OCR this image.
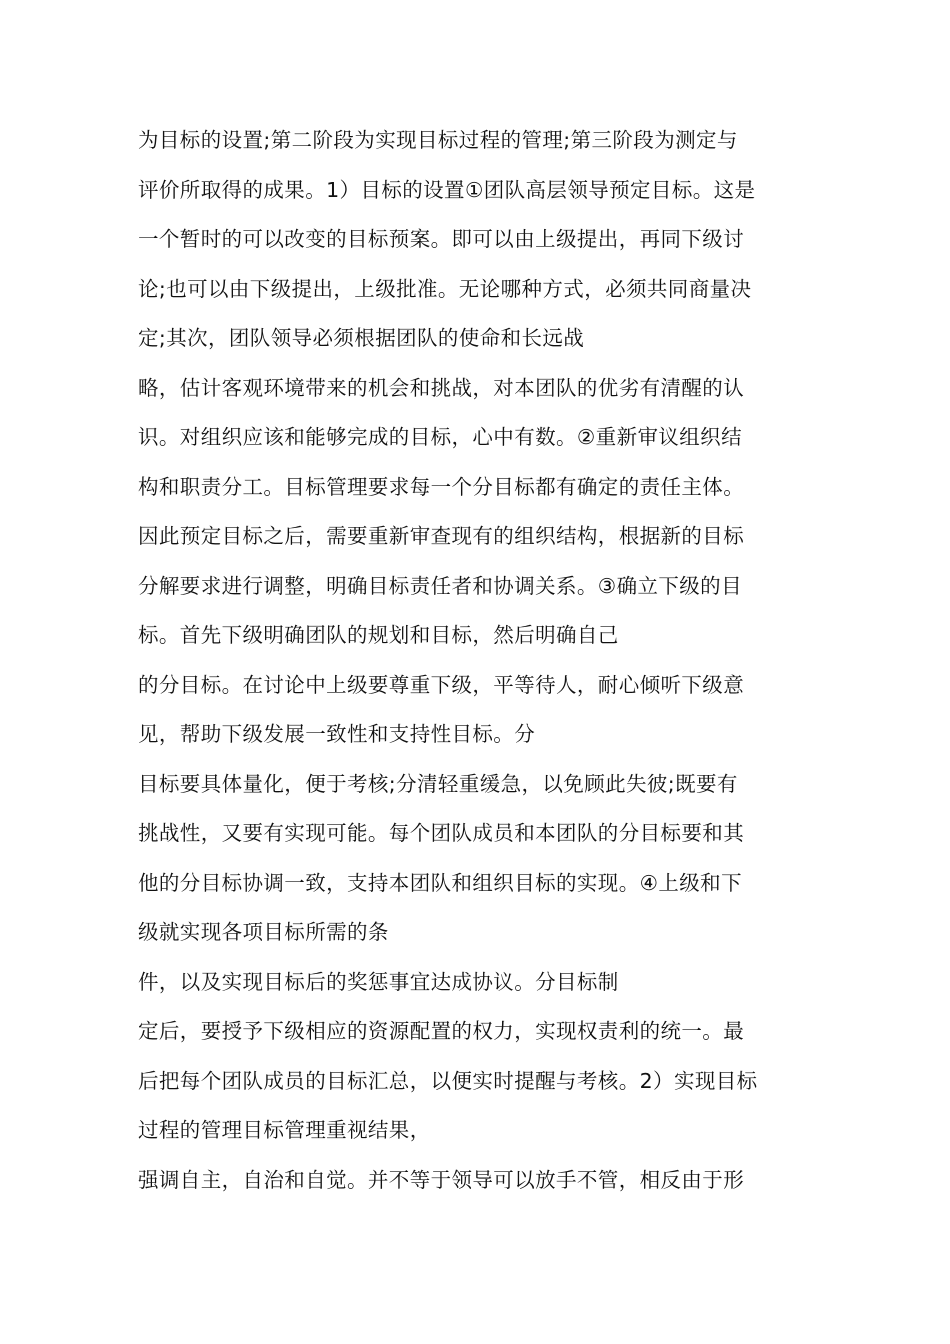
为目标的设置;第二阶段为实现目标过程的管理;第三阶段为测定与
评价所取得的成果。1）目标的设置①团队高层领导预定目标。这是
一个暂时的可以改变的目标预案。即可以由上级提出，再同下级讨
论;也可以由下级提出，上级批准。无论哪种方式，必须共同商量决
定;其次，团队领导必须根据团队的使命和长远战
略，估计客观环境带来的机会和挑战，对本团队的优劣有清醒的认
识。对组织应该和能够完成的目标，心中有数。②重新审议组织结
构和职责分工。目标管理要求每一个分目标都有确定的责任主体。
因此预定目标之后，需要重新审查现有的组织结构，根据新的目标
分解要求进行调整，明确目标责任者和协调关系。③确立下级的目
标。首先下级明确团队的规划和目标，然后明确自己
的分目标。在讨论中上级要尊重下级，平等待人，耐心倾听下级意
见，帮助下级发展一致性和支持性目标。分
目标要具体量化，便于考核;分清轻重缓急，以免顾此失彼;既要有
挑战性，又要有实现可能。每个团队成员和本团队的分目标要和其
他的分目标协调一致，支持本团队和组织目标的实现。④上级和下
级就实现各项目标所需的条
件，以及实现目标后的奖惩事宜达成协议。分目标制
定后，要授予下级相应的资源配置的权力，实现权责利的统一。最
后把每个团队成员的目标汇总，以便实时提醒与考核。2）实现目标
过程的管理目标管理重视结果，
强调自主，自治和自觉。并不等于领导可以放手不管，相反由于形
